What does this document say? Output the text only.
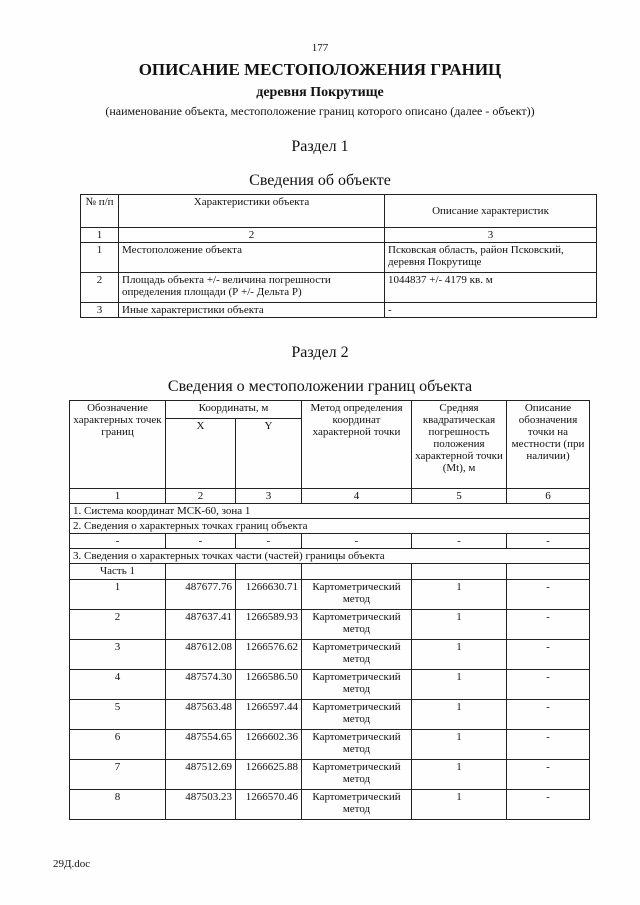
177
ОПИСАНИЕ МЕСТОПОЛОЖЕНИЯ ГРАНИЦ
деревня Покрутище
(наименование объекта, местоположение границ которого описано (далее - объект))
Раздел 1
Сведения об объекте
№ п/п	Характеристики объекта	Описание характеристик
1	2	3
1	Местоположение объекта	Псковская область, район Псковский, деревня Покрутище
2	Площадь объекта +/- величина погрешности определения площади (Р +/- Дельта Р)	1044837 +/- 4179 кв. м
3	Иные характеристики объекта	-
Раздел 2
Сведения о местоположении границ объекта
Обозначение характерных точек границ	Координаты, м		Метод определения координат характерной точки	Средняя квадратическая погрешность положения характерной точки (Mt), м	Описание обозначения точки на местности (при наличии)
	X	Y			
1	2	3	4	5	6
1. Система координат МСК-60, зона 1					
2. Сведения о характерных точках границ объекта					
-	-	-	-	-	-
3. Сведения о характерных точках части (частей) границы объекта					
Часть 1					
1	487677.76	1266630.71	Картометрический метод	1	-
2	487637.41	1266589.93	Картометрический метод	1	-
3	487612.08	1266576.62	Картометрический метод	1	-
4	487574.30	1266586.50	Картометрический метод	1	-
5	487563.48	1266597.44	Картометрический метод	1	-
6	487554.65	1266602.36	Картометрический метод	1	-
7	487512.69	1266625.88	Картометрический метод	1	-
8	487503.23	1266570.46	Картометрический метод	1	-
29Д.doc
